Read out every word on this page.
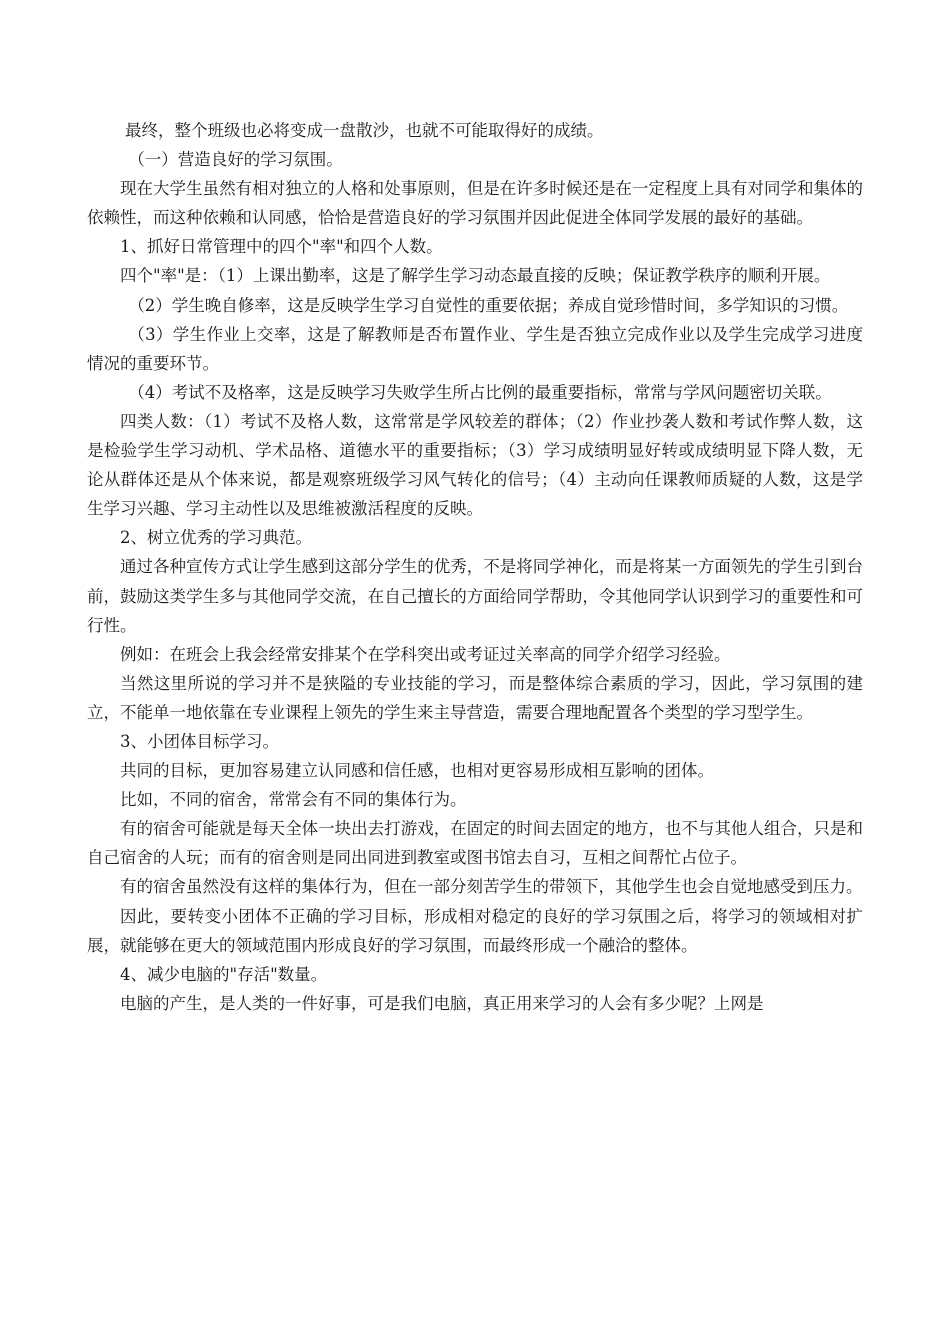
最终，整个班级也必将变成一盘散沙，也就不可能取得好的成绩。

（一）营造良好的学习氛围。

现在大学生虽然有相对独立的人格和处事原则，但是在许多时候还是在一定程度上具有对同学和集体的依赖性，而这种依赖和认同感，恰恰是营造良好的学习氛围并因此促进全体同学发展的最好的基础。

1、抓好日常管理中的四个"率"和四个人数。

四个"率"是：（1）上课出勤率，这是了解学生学习动态最直接的反映；保证教学秩序的顺利开展。

（2）学生晚自修率，这是反映学生学习自觉性的重要依据；养成自觉珍惜时间，多学知识的习惯。

（3）学生作业上交率，这是了解教师是否布置作业、学生是否独立完成作业以及学生完成学习进度情况的重要环节。

（4）考试不及格率，这是反映学习失败学生所占比例的最重要指标，常常与学风问题密切关联。

四类人数：（1）考试不及格人数，这常常是学风较差的群体；（2）作业抄袭人数和考试作弊人数，这是检验学生学习动机、学术品格、道德水平的重要指标；（3）学习成绩明显好转或成绩明显下降人数，无论从群体还是从个体来说，都是观察班级学习风气转化的信号；（4）主动向任课教师质疑的人数，这是学生学习兴趣、学习主动性以及思维被激活程度的反映。

2、树立优秀的学习典范。

通过各种宣传方式让学生感到这部分学生的优秀，不是将同学神化，而是将某一方面领先的学生引到台前，鼓励这类学生多与其他同学交流，在自己擅长的方面给同学帮助，令其他同学认识到学习的重要性和可行性。

例如：在班会上我会经常安排某个在学科突出或考证过关率高的同学介绍学习经验。

当然这里所说的学习并不是狭隘的专业技能的学习，而是整体综合素质的学习，因此，学习氛围的建立，不能单一地依靠在专业课程上领先的学生来主导营造，需要合理地配置各个类型的学习型学生。

3、小团体目标学习。

共同的目标，更加容易建立认同感和信任感，也相对更容易形成相互影响的团体。

比如，不同的宿舍，常常会有不同的集体行为。

有的宿舍可能就是每天全体一块出去打游戏，在固定的时间去固定的地方，也不与其他人组合，只是和自己宿舍的人玩；而有的宿舍则是同出同进到教室或图书馆去自习，互相之间帮忙占位子。

有的宿舍虽然没有这样的集体行为，但在一部分刻苦学生的带领下，其他学生也会自觉地感受到压力。

因此，要转变小团体不正确的学习目标，形成相对稳定的良好的学习氛围之后，将学习的领域相对扩展，就能够在更大的领域范围内形成良好的学习氛围，而最终形成一个融洽的整体。

4、减少电脑的"存活"数量。

电脑的产生，是人类的一件好事，可是我们电脑，真正用来学习的人会有多少呢？上网是
